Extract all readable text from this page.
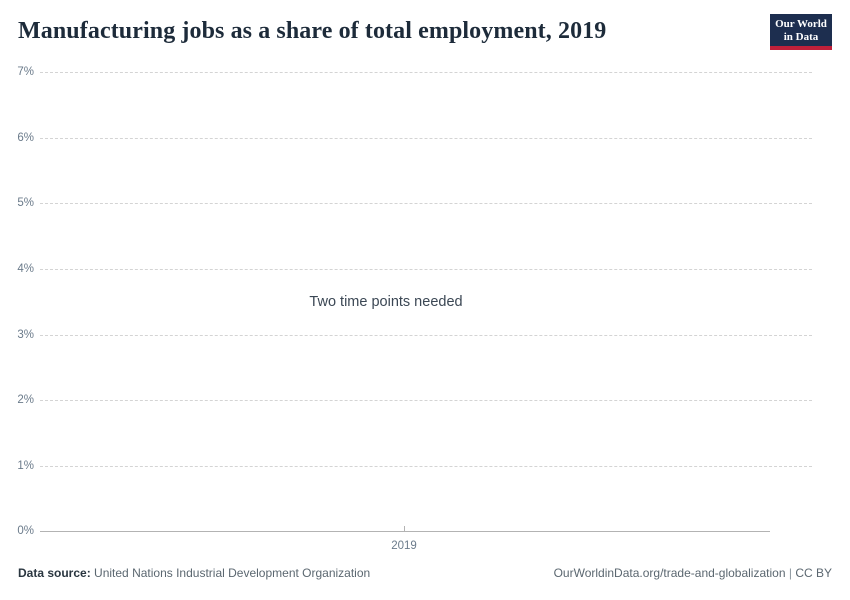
Manufacturing jobs as a share of total employment, 2019	Our World
in Data
7%
6%
5%
4%
3%
2%
1%
0%
2019
Two time points needed
Data source: United Nations Industrial Development Organization	OurWorldinData.org/trade-and-globalization | CC BY
